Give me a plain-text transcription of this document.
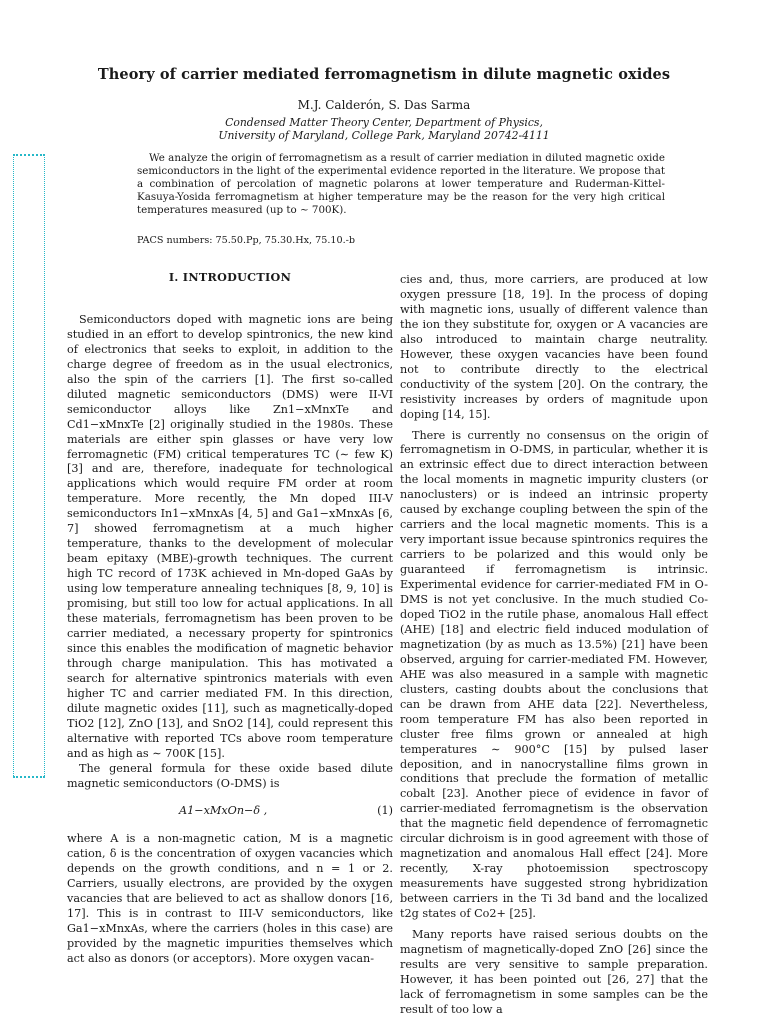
Theory of carrier mediated ferromagnetism in dilute magnetic oxides
M.J. Calderón, S. Das Sarma
Condensed Matter Theory Center, Department of Physics,
University of Maryland, College Park, Maryland 20742-4111
We analyze the origin of ferromagnetism as a result of carrier mediation in diluted magnetic oxide semiconductors in the light of the experimental evidence reported in the literature. We propose that a combination of percolation of magnetic polarons at lower temperature and Ruderman-Kittel-Kasuya-Yosida ferromagnetism at higher temperature may be the reason for the very high critical temperatures measured (up to ∼ 700K).
PACS numbers: 75.50.Pp, 75.30.Hx, 75.10.-b
I. INTRODUCTION

Semiconductors doped with magnetic ions are being studied in an effort to develop spintronics, the new kind of electronics that seeks to exploit, in addition to the charge degree of freedom as in the usual electronics, also the spin of the carriers [1]. The first so-called diluted magnetic semiconductors (DMS) were II-VI semiconductor alloys like Zn1−xMnxTe and Cd1−xMnxTe [2] originally studied in the 1980s. These materials are either spin glasses or have very low ferromagnetic (FM) critical temperatures TC (∼ few K) [3] and are, therefore, inadequate for technological applications which would require FM order at room temperature. More recently, the Mn doped III-V semiconductors In1−xMnxAs [4, 5] and Ga1−xMnxAs [6, 7] showed ferromagnetism at a much higher temperature, thanks to the development of molecular beam epitaxy (MBE)-growth techniques. The current high TC record of 173K achieved in Mn-doped GaAs by using low temperature annealing techniques [8, 9, 10] is promising, but still too low for actual applications. In all these materials, ferromagnetism has been proven to be carrier mediated, a necessary property for spintronics since this enables the modification of magnetic behavior through charge manipulation. This has motivated a search for alternative spintronics materials with even higher TC and carrier mediated FM. In this direction, dilute magnetic oxides [11], such as magnetically-doped TiO2 [12], ZnO [13], and SnO2 [14], could represent this alternative with reported TCs above room temperature and as high as ∼ 700K [15].

The general formula for these oxide based dilute magnetic semiconductors (O-DMS) is

A1−xMxOn−δ ,	(1)

where A is a non-magnetic cation, M is a magnetic cation, δ is the concentration of oxygen vacancies which depends on the growth conditions, and n = 1 or 2. Carriers, usually electrons, are provided by the oxygen vacancies that are believed to act as shallow donors [16, 17]. This is in contrast to III-V semiconductors, like Ga1−xMnxAs, where the carriers (holes in this case) are provided by the magnetic impurities themselves which act also as donors (or acceptors). More oxygen vacan-

cies and, thus, more carriers, are produced at low oxygen pressure [18, 19]. In the process of doping with magnetic ions, usually of different valence than the ion they substitute for, oxygen or A vacancies are also introduced to maintain charge neutrality. However, these oxygen vacancies have been found not to contribute directly to the electrical conductivity of the system [20]. On the contrary, the resistivity increases by orders of magnitude upon doping [14, 15].

There is currently no consensus on the origin of ferromagnetism in O-DMS, in particular, whether it is an extrinsic effect due to direct interaction between the local moments in magnetic impurity clusters (or nanoclusters) or is indeed an intrinsic property caused by exchange coupling between the spin of the carriers and the local magnetic moments. This is a very important issue because spintronics requires the carriers to be polarized and this would only be guaranteed if ferromagnetism is intrinsic. Experimental evidence for carrier-mediated FM in O-DMS is not yet conclusive. In the much studied Co-doped TiO2 in the rutile phase, anomalous Hall effect (AHE) [18] and electric field induced modulation of magnetization (by as much as 13.5%) [21] have been observed, arguing for carrier-mediated FM. However, AHE was also measured in a sample with magnetic clusters, casting doubts about the conclusions that can be drawn from AHE data [22]. Nevertheless, room temperature FM has also been reported in cluster free films grown or annealed at high temperatures ∼ 900°C [15] by pulsed laser deposition, and in nanocrystalline films grown in conditions that preclude the formation of metallic cobalt [23]. Another piece of evidence in favor of carrier-mediated ferromagnetism is the observation that the magnetic field dependence of ferromagnetic circular dichroism is in good agreement with those of magnetization and anomalous Hall effect [24]. More recently, X-ray photoemission spectroscopy measurements have suggested strong hybridization between carriers in the Ti 3d band and the localized t2g states of Co2+ [25].

Many reports have raised serious doubts on the magnetism of magnetically-doped ZnO [26] since the results are very sensitive to sample preparation. However, it has been pointed out [26, 27] that the lack of ferromagnetism in some samples can be the result of too low a
